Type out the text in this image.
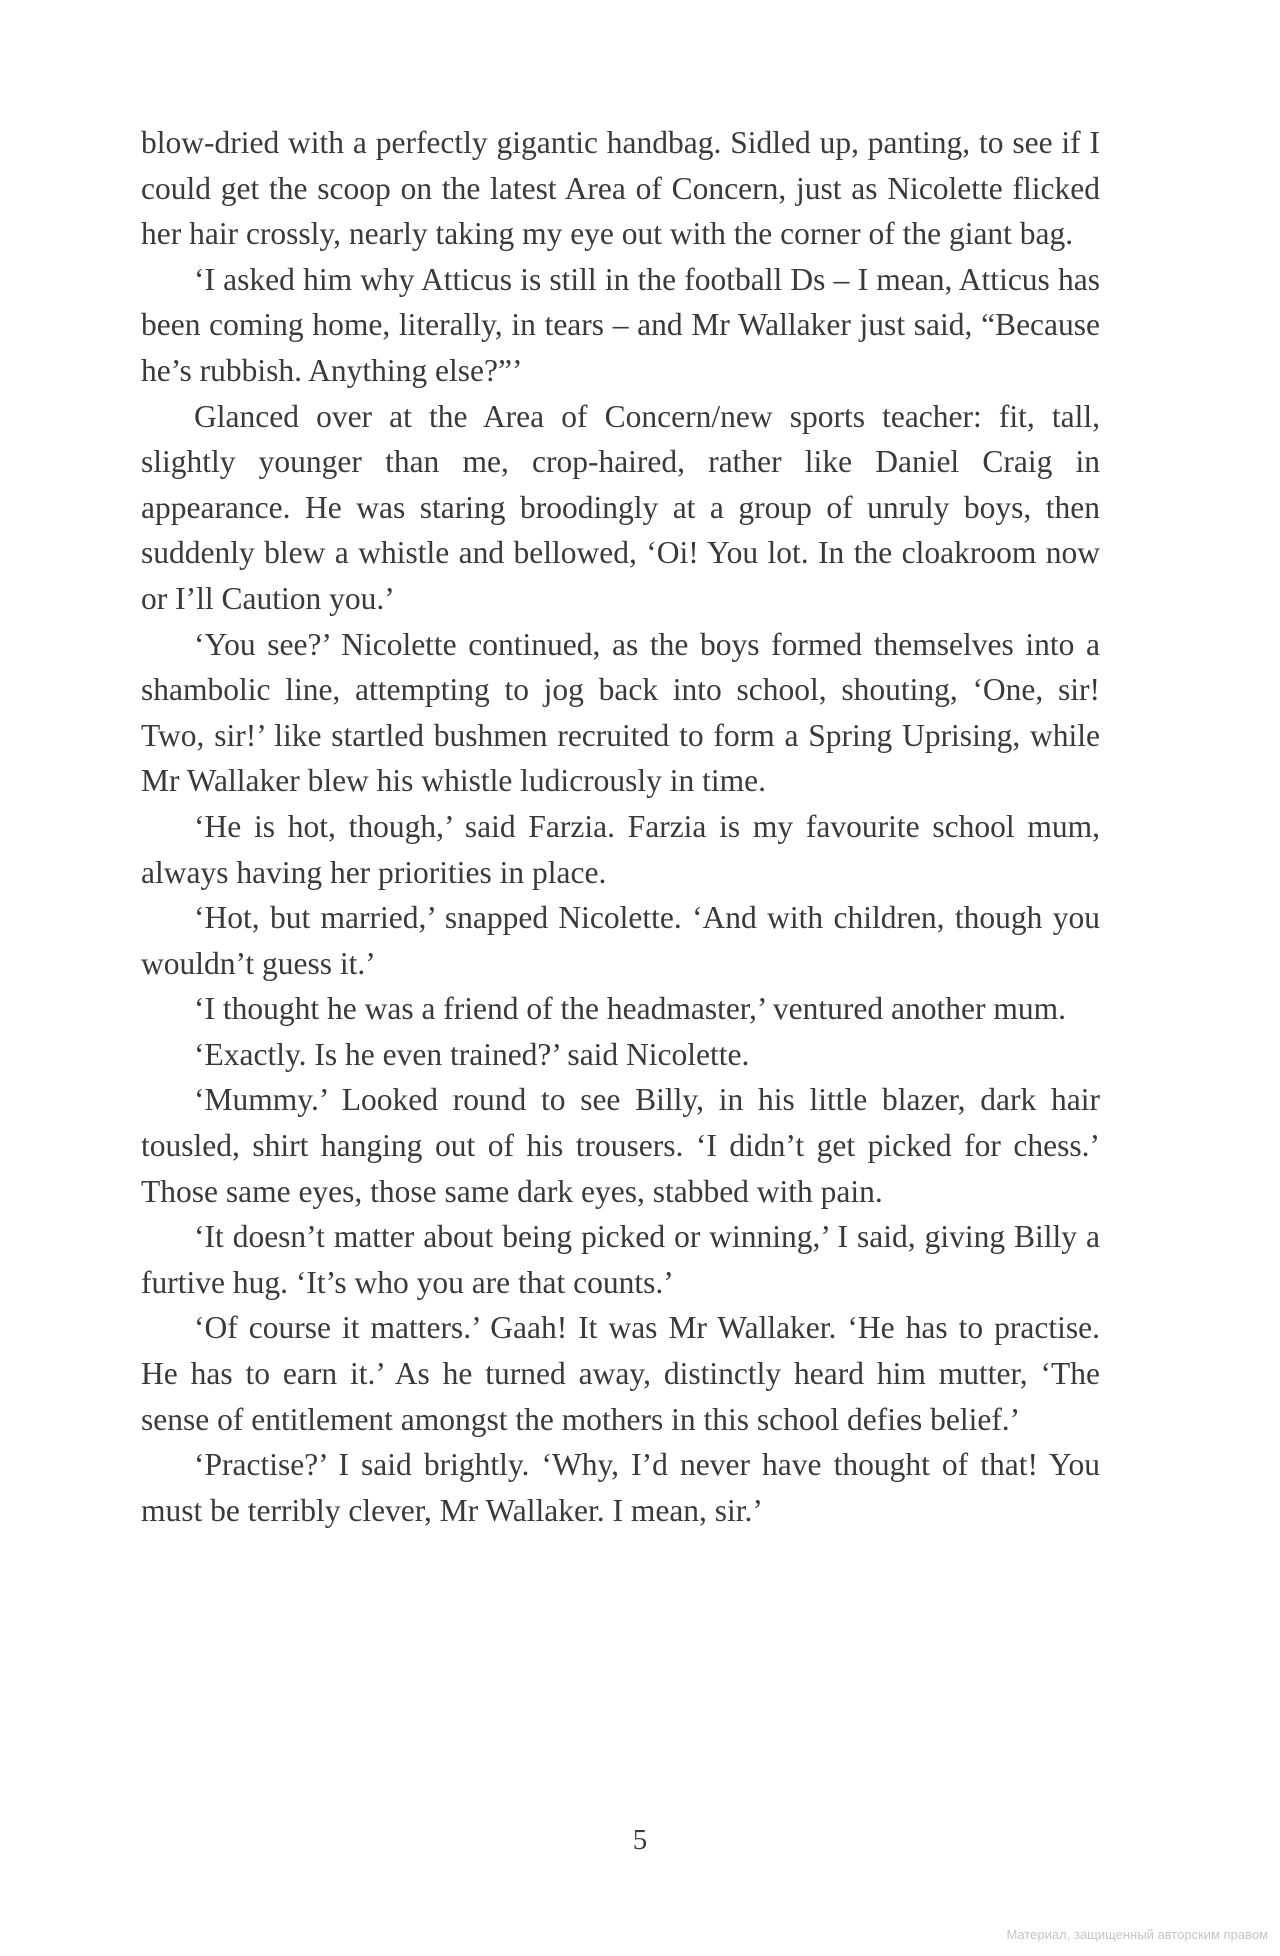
blow-dried with a perfectly gigantic handbag. Sidled up, panting, to see if I could get the scoop on the latest Area of Concern, just as Nicolette flicked her hair crossly, nearly taking my eye out with the corner of the giant bag.

‘I asked him why Atticus is still in the football Ds – I mean, Atticus has been coming home, literally, in tears – and Mr Wallaker just said, “Because he’s rubbish. Anything else?”’

Glanced over at the Area of Concern/new sports teacher: fit, tall, slightly younger than me, crop-haired, rather like Daniel Craig in appearance. He was staring broodingly at a group of unruly boys, then suddenly blew a whistle and bellowed, ‘Oi! You lot. In the cloakroom now or I’ll Caution you.’

‘You see?’ Nicolette continued, as the boys formed themselves into a shambolic line, attempting to jog back into school, shouting, ‘One, sir! Two, sir!’ like startled bushmen recruited to form a Spring Uprising, while Mr Wallaker blew his whistle ludicrously in time.

‘He is hot, though,’ said Farzia. Farzia is my favourite school mum, always having her priorities in place.

‘Hot, but married,’ snapped Nicolette. ‘And with children, though you wouldn’t guess it.’

‘I thought he was a friend of the headmaster,’ ventured another mum.

‘Exactly. Is he even trained?’ said Nicolette.

‘Mummy.’ Looked round to see Billy, in his little blazer, dark hair tousled, shirt hanging out of his trousers. ‘I didn’t get picked for chess.’ Those same eyes, those same dark eyes, stabbed with pain.

‘It doesn’t matter about being picked or winning,’ I said, giving Billy a furtive hug. ‘It’s who you are that counts.’

‘Of course it matters.’ Gaah! It was Mr Wallaker. ‘He has to practise. He has to earn it.’ As he turned away, distinctly heard him mutter, ‘The sense of entitlement amongst the mothers in this school defies belief.’

‘Practise?’ I said brightly. ‘Why, I’d never have thought of that! You must be terribly clever, Mr Wallaker. I mean, sir.’

5
Материал, защищенный авторским правом
